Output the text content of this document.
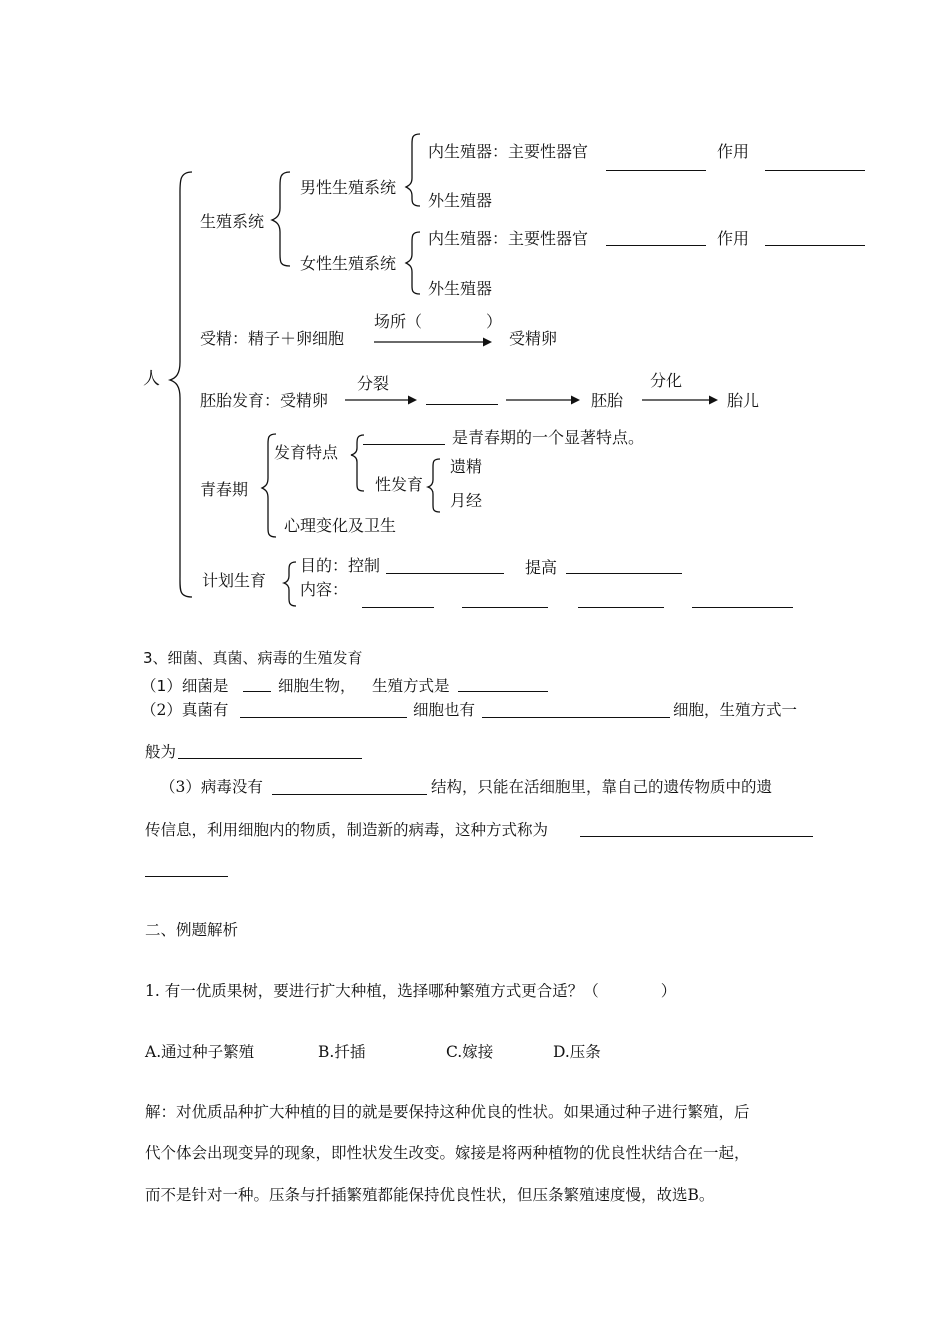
人
生殖系统
男性生殖系统
内生殖器：主要性器官	作用
外生殖器
女性生殖系统
内生殖器：主要性器官	作用
外生殖器
受精：精子＋卵细胞
场所（　　　　）
受精卵
胚胎发育：受精卵
分裂
胚胎
分化
胎儿
青春期
发育特点
是青春期的一个显著特点。
性发育
遗精
月经
心理变化及卫生
计划生育
目的：控制	提高
内容：
3、细菌、真菌、病毒的生殖发育
（1）细菌是	细胞生物， 生殖方式是
（2）真菌有	细胞也有	细胞，生殖方式一
般为
（3）病毒没有	结构，只能在活细胞里，靠自己的遗传物质中的遗
传信息，利用细胞内的物质，制造新的病毒，这种方式称为
二、例题解析
1. 有一优质果树，要进行扩大种植，选择哪种繁殖方式更合适？（　　　　）
A.通过种子繁殖	B.扦插	C.嫁接	D.压条
解：对优质品种扩大种植的目的就是要保持这种优良的性状。如果通过种子进行繁殖，后
代个体会出现变异的现象，即性状发生改变。嫁接是将两种植物的优良性状结合在一起，
而不是针对一种。压条与扦插繁殖都能保持优良性状，但压条繁殖速度慢，故选B。
